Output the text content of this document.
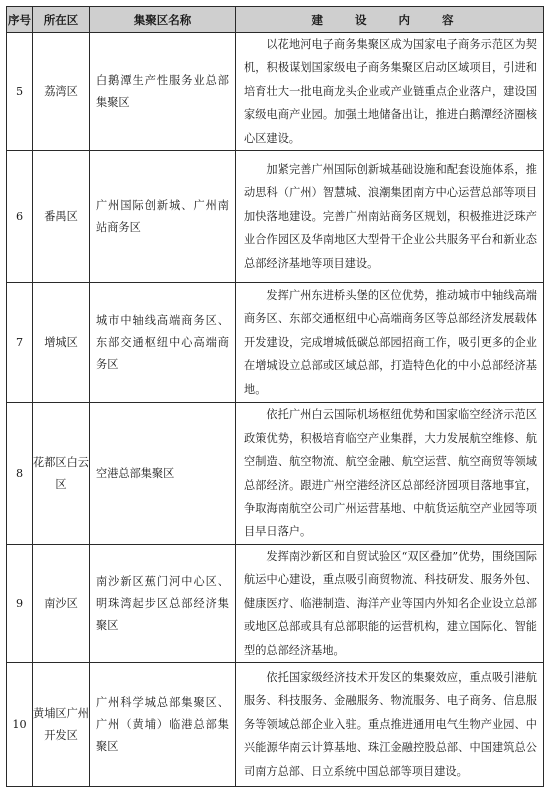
序号	所在区	集聚区名称	建 设 内 容
5	荔湾区	白鹅潭生产性服务业总部集聚区	以花地河电子商务集聚区成为国家电子商务示范区为契机，积极谋划国家级电子商务集聚区启动区域项目，引进和培育壮大一批电商龙头企业或产业链重点企业落户，建设国家级电商产业园。加强土地储备出让，推进白鹅潭经济圈核心区建设。
6	番禺区	广州国际创新城、广州南站商务区	加紧完善广州国际创新城基础设施和配套设施体系，推动思科（广州）智慧城、浪潮集团南方中心运营总部等项目加快落地建设。完善广州南站商务区规划，积极推进泛珠产业合作园区及华南地区大型骨干企业公共服务平台和新业态总部经济基地等项目建设。
7	增城区	城市中轴线高端商务区、东部交通枢纽中心高端商务区	发挥广州东进桥头堡的区位优势，推动城市中轴线高端商务区、东部交通枢纽中心高端商务区等总部经济发展载体开发建设，完成增城低碳总部园招商工作，吸引更多的企业在增城设立总部或区域总部，打造特色化的中小总部经济基地。
8	花都区白云区	空港总部集聚区	依托广州白云国际机场枢纽优势和国家临空经济示范区政策优势，积极培育临空产业集群，大力发展航空维修、航空制造、航空物流、航空金融、航空运营、航空商贸等领域总部经济。跟进广州空港经济区总部经济园项目落地事宜，争取海南航空公司广州运营基地、中航货运航空产业园等项目早日落户。
9	南沙区	南沙新区蕉门河中心区、明珠湾起步区总部经济集聚区	发挥南沙新区和自贸试验区“双区叠加”优势，围绕国际航运中心建设，重点吸引商贸物流、科技研发、服务外包、健康医疗、临港制造、海洋产业等国内外知名企业设立总部或地区总部或具有总部职能的运营机构，建立国际化、智能型的总部经济基地。
10	黄埔区广州开发区	广州科学城总部集聚区、广州（黄埔）临港总部集聚区	依托国家级经济技术开发区的集聚效应，重点吸引港航服务、科技服务、金融服务、物流服务、电子商务、信息服务等领域总部企业入驻。重点推进通用电气生物产业园、中兴能源华南云计算基地、珠江金融控股总部、中国建筑总公司南方总部、日立系统中国总部等项目建设。
